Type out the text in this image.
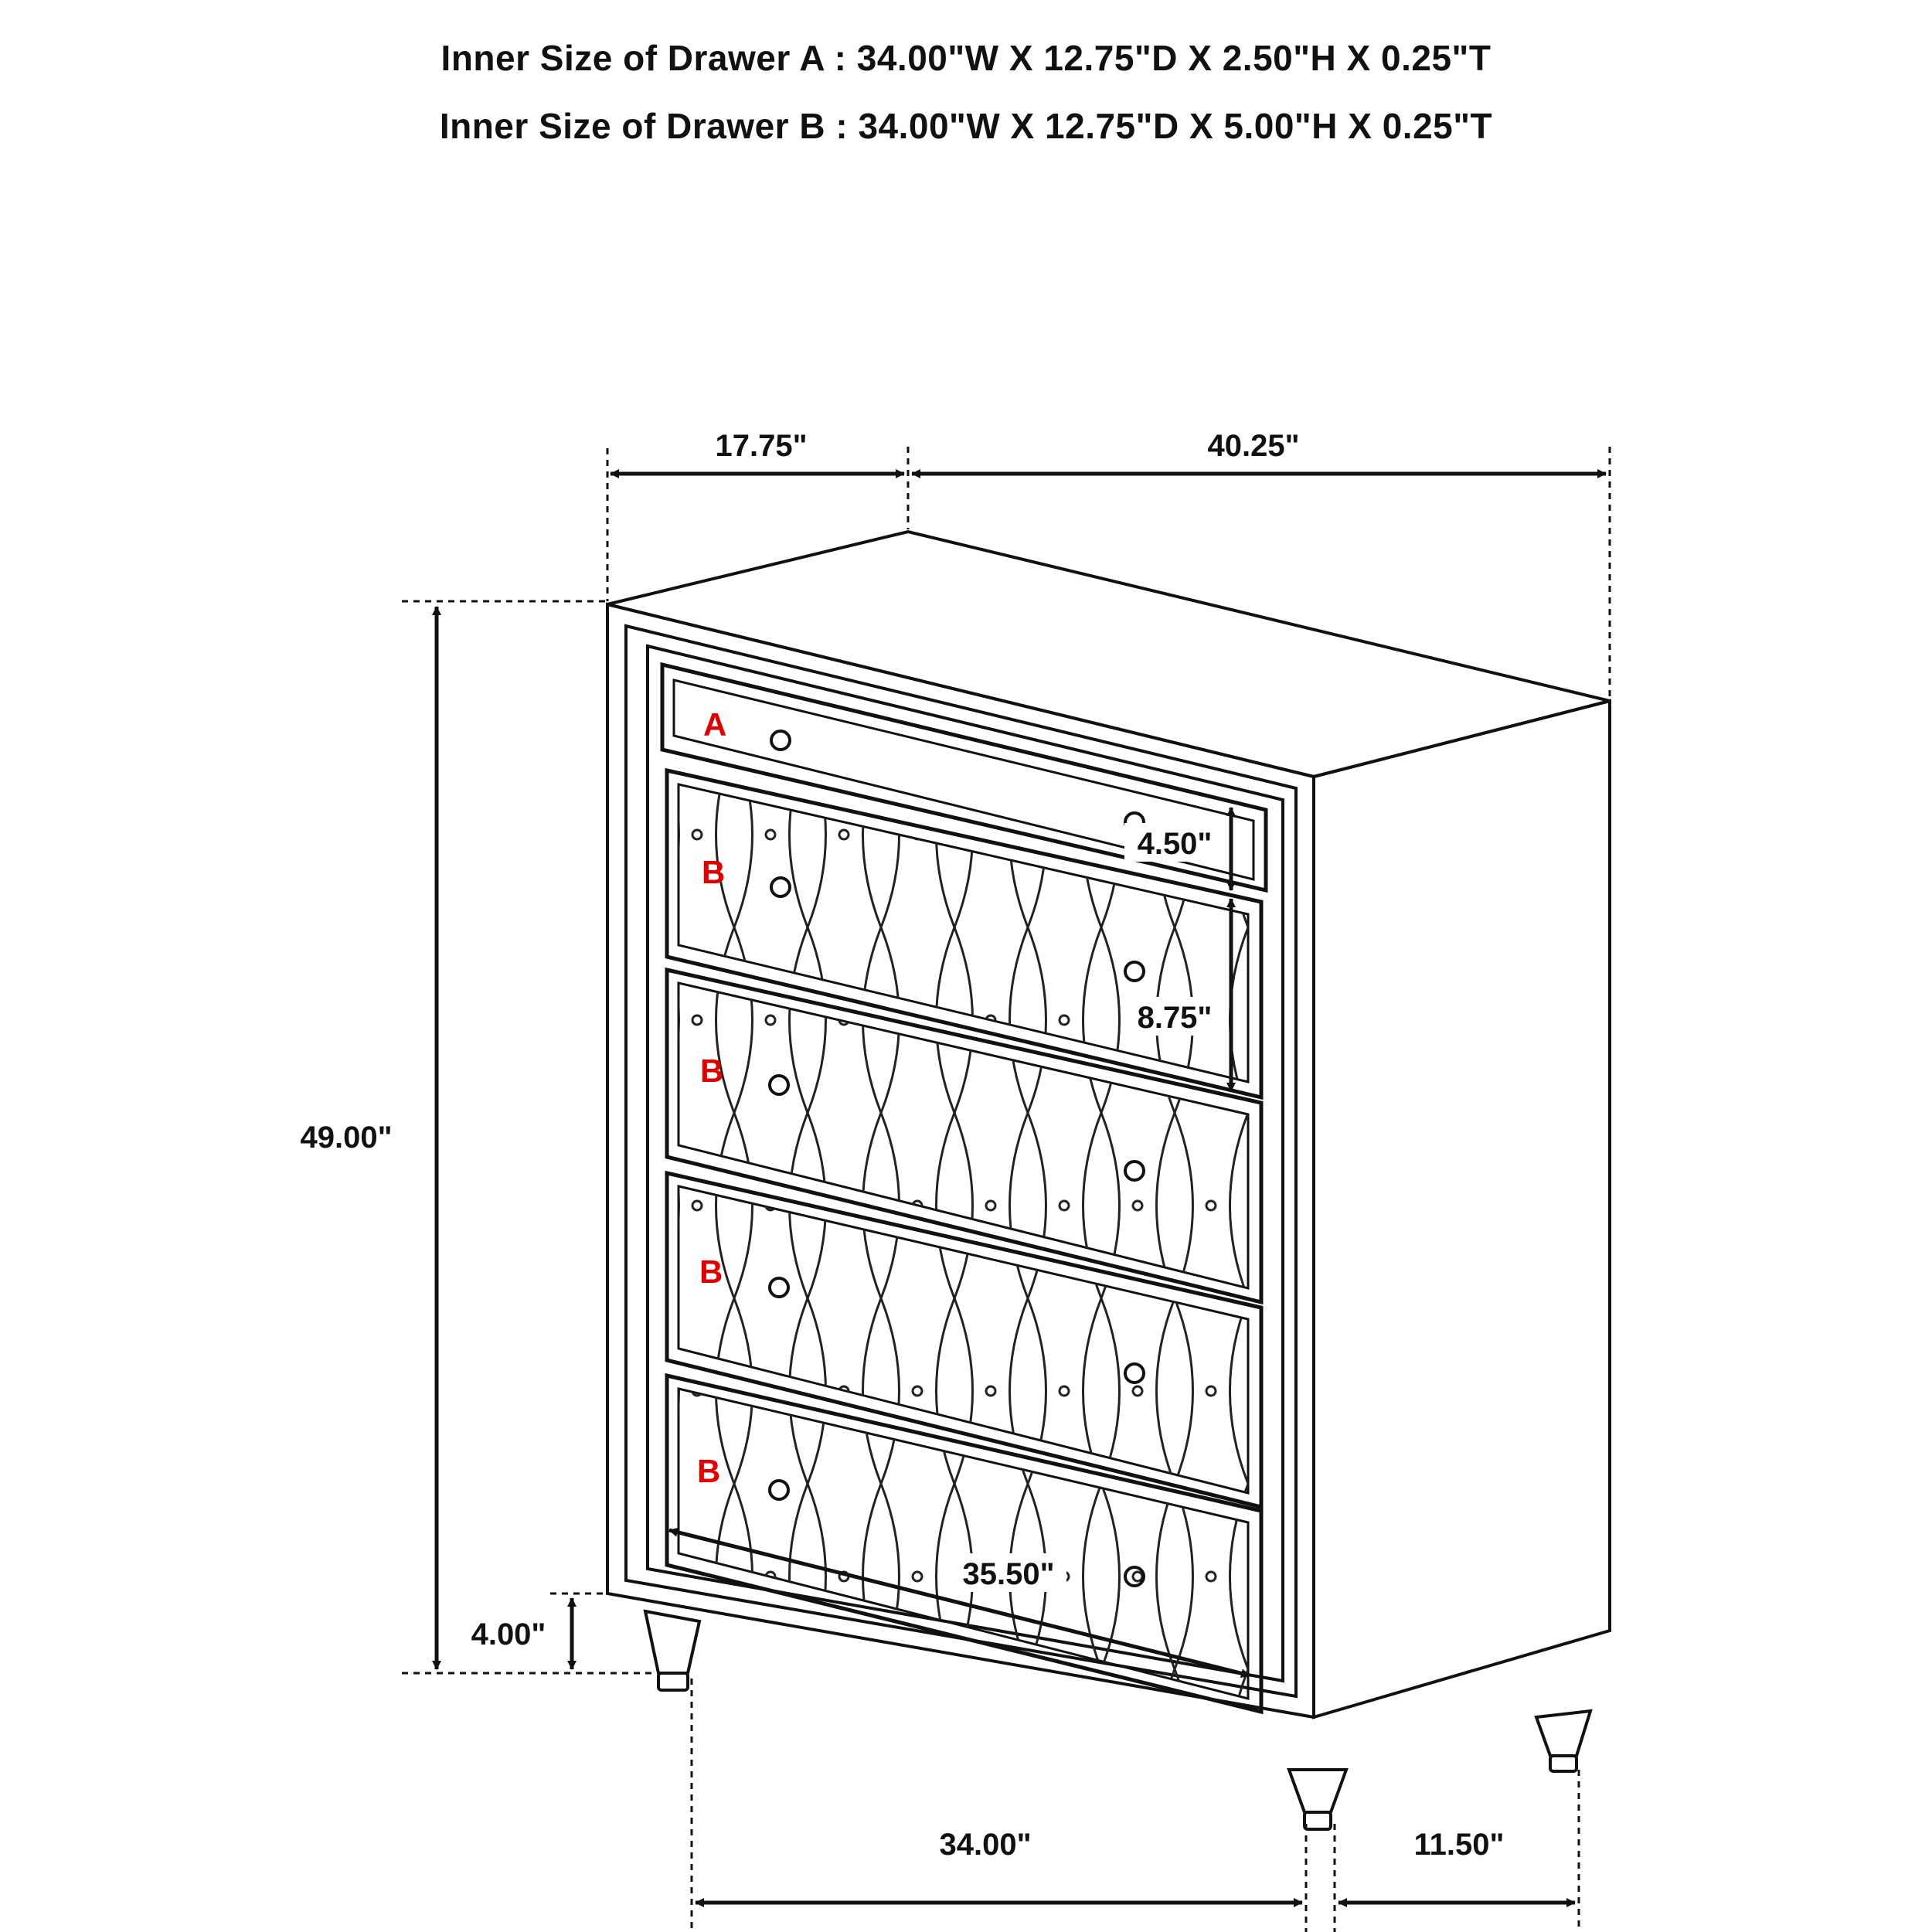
Inner Size of Drawer A : 34.00"W X 12.75"D X 2.50"H X 0.25"T
Inner Size of Drawer B : 34.00"W X 12.75"D X 5.00"H X 0.25"T
A
B
B
B
B
17.75"	40.25"
49.00"
4.00"
4.50"
8.75"
35.50"
34.00"	11.50"
